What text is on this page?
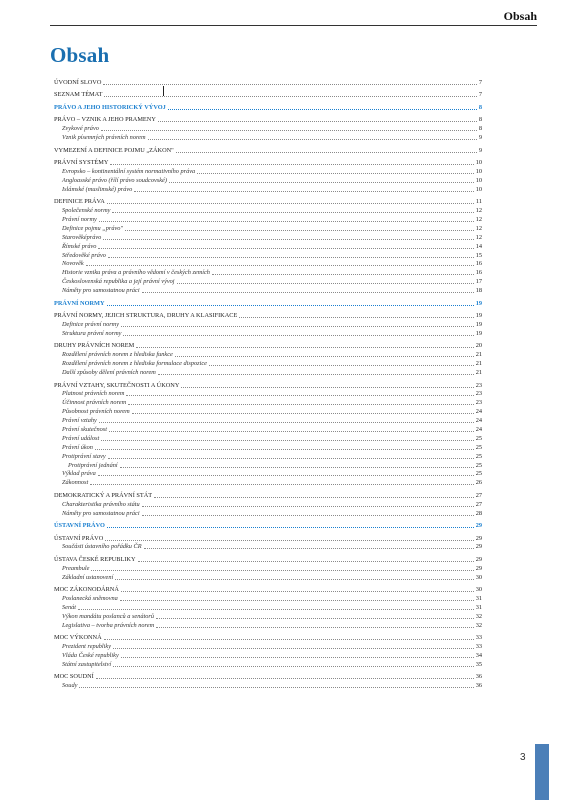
Obsah
Obsah
ÚVODNÍ SLOVO	7
SEZNAM TÉMAT	7
PRÁVO A JEHO HISTORICKÝ VÝVOJ	8
PRÁVO – VZNIK A JEHO PRAMENY	8
Zvykové právo	8
Vznik písemných právních norem	9
VYMEZENÍ A DEFINICE POJMU „ZÁKON"	9
PRÁVNÍ SYSTÉMY	10
Evropsko – kontinentální systém normativního práva	10
Angloasské právo (řílí právo soudcovské)	10
Islámské (muslimské) právo	10
DEFINICE PRÁVA	11
Společenské normy	12
Právní normy	12
Definice pojmu „právo"	12
Starověképrávo	12
Římské právo	14
Středověké právo	15
Novověk	16
Historie vzniku práva a právního vědomí v českých zemích	16
Československá republika a její právní vývoj	17
Náměty pro samostatnou práci	18
PRÁVNÍ NORMY	19
PRÁVNÍ NORMY, JEJICH STRUKTURA, DRUHY A KLASIFIKACE	19
Definice právní normy	19
Struktura právní normy	19
DRUHY PRÁVNÍCH NOREM	20
Rozdělení právních norem z hlediska funkce	21
Rozdělení právních norem z hlediska formulace dispozice	21
Další způsoby dělení právních norem	21
PRÁVNÍ VZTAHY, SKUTEČNOSTI A ÚKONY	23
Platnost právních norem	23
Účinnost právních norem	23
Působnost právních norem	24
Právní vztahy	24
Právní skutečnost	24
Právní událost	25
Právní úkon	25
Protiprávní stavy	25
Protiprávní jednání	25
Výklad práva	25
Zákonnost	26
DEMOKRATICKÝ A PRÁVNÍ STÁT	27
Charakteristika právního státu	27
Náměty pro samostatnou práci	28
ÚSTAVNÍ PRÁVO	29
ÚSTAVNÍ PRÁVO	29
Součásti ústavního pořádku ČR	29
ÚSTAVA ČESKÉ REPUBLIKY	29
Preambule	29
Základní ustanovení	30
MOC ZÁKONODÁRNÁ	30
Poslanecká sněmovna	31
Senát	31
Výkon mandátu poslanců a senátorů	32
Legislativa – tvorba právních norem	32
MOC VÝKONNÁ	33
Prezident republiky	33
Vláda České republiky	34
Státní zastupitelství	35
MOC SOUDNÍ	36
Soudy	36
3
